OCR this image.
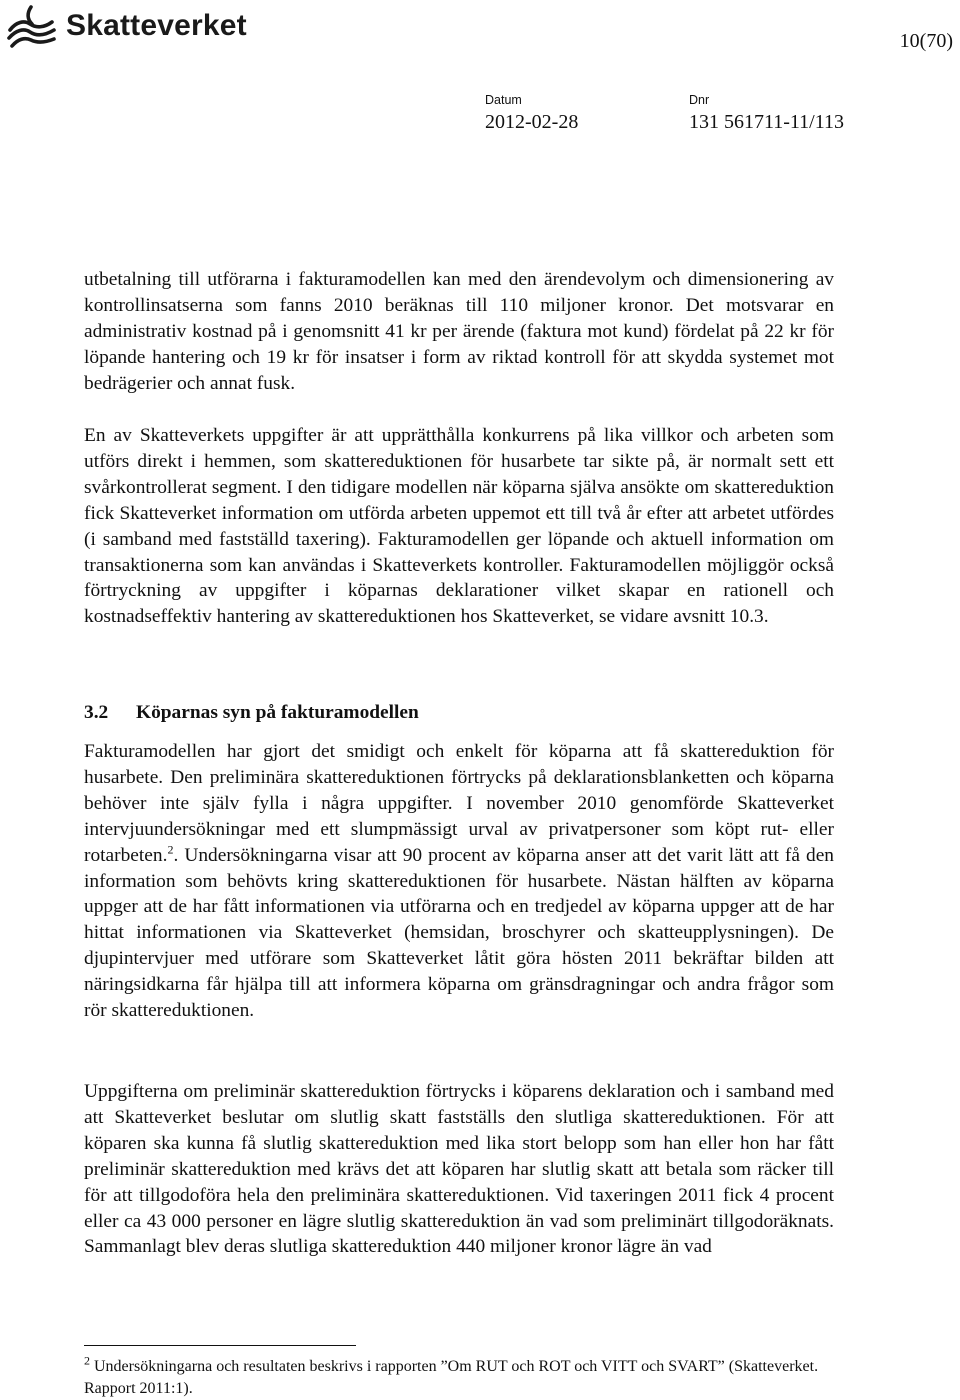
Skatteverket	10(70)
Datum
2012-02-28
Dnr
131 561711-11/113

utbetalning till utförarna i fakturamodellen kan med den ärendevolym och dimensionering av kontrollinsatserna som fanns 2010 beräknas till 110 miljoner kronor. Det motsvarar en administrativ kostnad på i genomsnitt 41 kr per ärende (faktura mot kund) fördelat på 22 kr för löpande hantering och 19 kr för insatser i form av riktad kontroll för att skydda systemet mot bedrägerier och annat fusk.

En av Skatteverkets uppgifter är att upprätthålla konkurrens på lika villkor och arbeten som utförs direkt i hemmen, som skattereduktionen för husarbete tar sikte på, är normalt sett ett svårkontrollerat segment. I den tidigare modellen när köparna själva ansökte om skattereduktion fick Skatteverket information om utförda arbeten uppemot ett till två år efter att arbetet utfördes (i samband med fastställd taxering). Fakturamodellen ger löpande och aktuell information om transaktionerna som kan användas i Skatteverkets kontroller. Fakturamodellen möjliggör också förtryckning av uppgifter i köparnas deklarationer vilket skapar en rationell och kostnadseffektiv hantering av skattereduktionen hos Skatteverket, se vidare avsnitt 10.3.

3.2 Köparnas syn på fakturamodellen

Fakturamodellen har gjort det smidigt och enkelt för köparna att få skattereduktion för husarbete. Den preliminära skattereduktionen förtrycks på deklarationsblanketten och köparna behöver inte själv fylla i några uppgifter. I november 2010 genomförde Skatteverket intervjuundersökningar med ett slumpmässigt urval av privatpersoner som köpt rut- eller rotarbeten.$^2$. Undersökningarna visar att 90 procent av köparna anser att det varit lätt att få den information som behövts kring skattereduktionen för husarbete. Nästan hälften av köparna uppger att de har fått informationen via utförarna och en tredjedel av köparna uppger att de har hittat informationen via Skatteverket (hemsidan, broschyrer och skatteupplysningen). De djupintervjuer med utförare som Skatteverket låtit göra hösten 2011 bekräftar bilden att näringsidkarna får hjälpa till att informera köparna om gränsdragningar och andra frågor som rör skattereduktionen.

Uppgifterna om preliminär skattereduktion förtrycks i köparens deklaration och i samband med att Skatteverket beslutar om slutlig skatt fastställs den slutliga skattereduktionen. För att köparen ska kunna få slutlig skattereduktion med lika stort belopp som han eller hon har fått preliminär skattereduktion med krävs det att köparen har slutlig skatt att betala som räcker till för att tillgodoföra hela den preliminära skattereduktionen. Vid taxeringen 2011 fick 4 procent eller ca 43 000 personer en lägre slutlig skattereduktion än vad som preliminärt tillgodoräknats. Sammanlagt blev deras slutliga skattereduktion 440 miljoner kronor lägre än vad

$^2$ Undersökningarna och resultaten beskrivs i rapporten ”Om RUT och ROT och VITT och SVART” (Skatteverket. Rapport 2011:1).
